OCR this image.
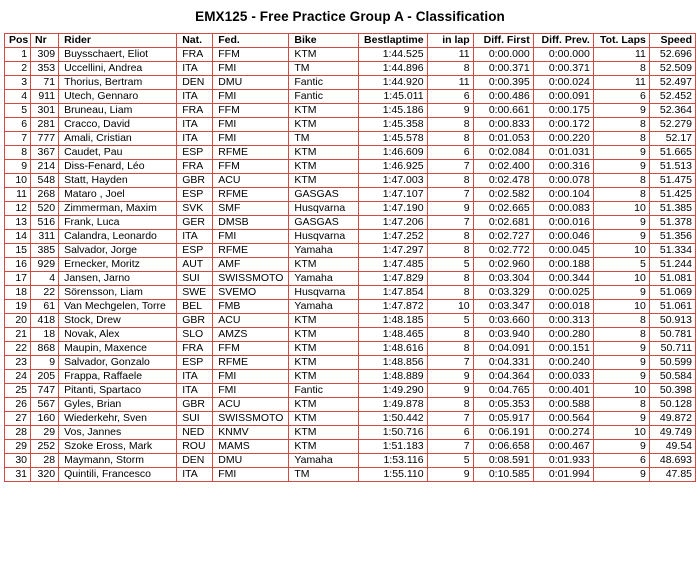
EMX125 - Free Practice Group A - Classification
Pos	Nr	Rider	Nat.	Fed.	Bike	Bestlaptime	in lap	Diff. First	Diff. Prev.	Tot. Laps	Speed
1	309	Buysschaert, Eliot	FRA	FFM	KTM	1:44.525	11	0:00.000	0:00.000	11	52.696
2	353	Uccellini, Andrea	ITA	FMI	TM	1:44.896	8	0:00.371	0:00.371	8	52.509
3	71	Thorius, Bertram	DEN	DMU	Fantic	1:44.920	11	0:00.395	0:00.024	11	52.497
4	911	Utech, Gennaro	ITA	FMI	Fantic	1:45.011	6	0:00.486	0:00.091	6	52.452
5	301	Bruneau, Liam	FRA	FFM	KTM	1:45.186	9	0:00.661	0:00.175	9	52.364
6	281	Cracco, David	ITA	FMI	KTM	1:45.358	8	0:00.833	0:00.172	8	52.279
7	777	Amali, Cristian	ITA	FMI	TM	1:45.578	8	0:01.053	0:00.220	8	52.17
8	367	Caudet, Pau	ESP	RFME	KTM	1:46.609	6	0:02.084	0:01.031	9	51.665
9	214	Diss-Fenard, Léo	FRA	FFM	KTM	1:46.925	7	0:02.400	0:00.316	9	51.513
10	548	Statt, Hayden	GBR	ACU	KTM	1:47.003	8	0:02.478	0:00.078	8	51.475
11	268	Mataro , Joel	ESP	RFME	GASGAS	1:47.107	7	0:02.582	0:00.104	8	51.425
12	520	Zimmerman, Maxim	SVK	SMF	Husqvarna	1:47.190	9	0:02.665	0:00.083	10	51.385
13	516	Frank, Luca	GER	DMSB	GASGAS	1:47.206	7	0:02.681	0:00.016	9	51.378
14	311	Calandra, Leonardo	ITA	FMI	Husqvarna	1:47.252	8	0:02.727	0:00.046	9	51.356
15	385	Salvador, Jorge	ESP	RFME	Yamaha	1:47.297	8	0:02.772	0:00.045	10	51.334
16	929	Ernecker, Moritz	AUT	AMF	KTM	1:47.485	5	0:02.960	0:00.188	5	51.244
17	4	Jansen, Jarno	SUI	SWISSMOTO	Yamaha	1:47.829	8	0:03.304	0:00.344	10	51.081
18	22	Sörensson, Liam	SWE	SVEMO	Husqvarna	1:47.854	8	0:03.329	0:00.025	9	51.069
19	61	Van Mechgelen, Torre	BEL	FMB	Yamaha	1:47.872	10	0:03.347	0:00.018	10	51.061
20	418	Stock, Drew	GBR	ACU	KTM	1:48.185	5	0:03.660	0:00.313	8	50.913
21	18	Novak, Alex	SLO	AMZS	KTM	1:48.465	8	0:03.940	0:00.280	8	50.781
22	868	Maupin, Maxence	FRA	FFM	KTM	1:48.616	8	0:04.091	0:00.151	9	50.711
23	9	Salvador, Gonzalo	ESP	RFME	KTM	1:48.856	7	0:04.331	0:00.240	9	50.599
24	205	Frappa, Raffaele	ITA	FMI	KTM	1:48.889	9	0:04.364	0:00.033	9	50.584
25	747	Pitanti, Spartaco	ITA	FMI	Fantic	1:49.290	9	0:04.765	0:00.401	10	50.398
26	567	Gyles, Brian	GBR	ACU	KTM	1:49.878	8	0:05.353	0:00.588	8	50.128
27	160	Wiederkehr, Sven	SUI	SWISSMOTO	KTM	1:50.442	7	0:05.917	0:00.564	9	49.872
28	29	Vos, Jannes	NED	KNMV	KTM	1:50.716	6	0:06.191	0:00.274	10	49.749
29	252	Szoke Eross, Mark	ROU	MAMS	KTM	1:51.183	7	0:06.658	0:00.467	9	49.54
30	28	Maymann, Storm	DEN	DMU	Yamaha	1:53.116	5	0:08.591	0:01.933	6	48.693
31	320	Quintili, Francesco	ITA	FMI	TM	1:55.110	9	0:10.585	0:01.994	9	47.85
